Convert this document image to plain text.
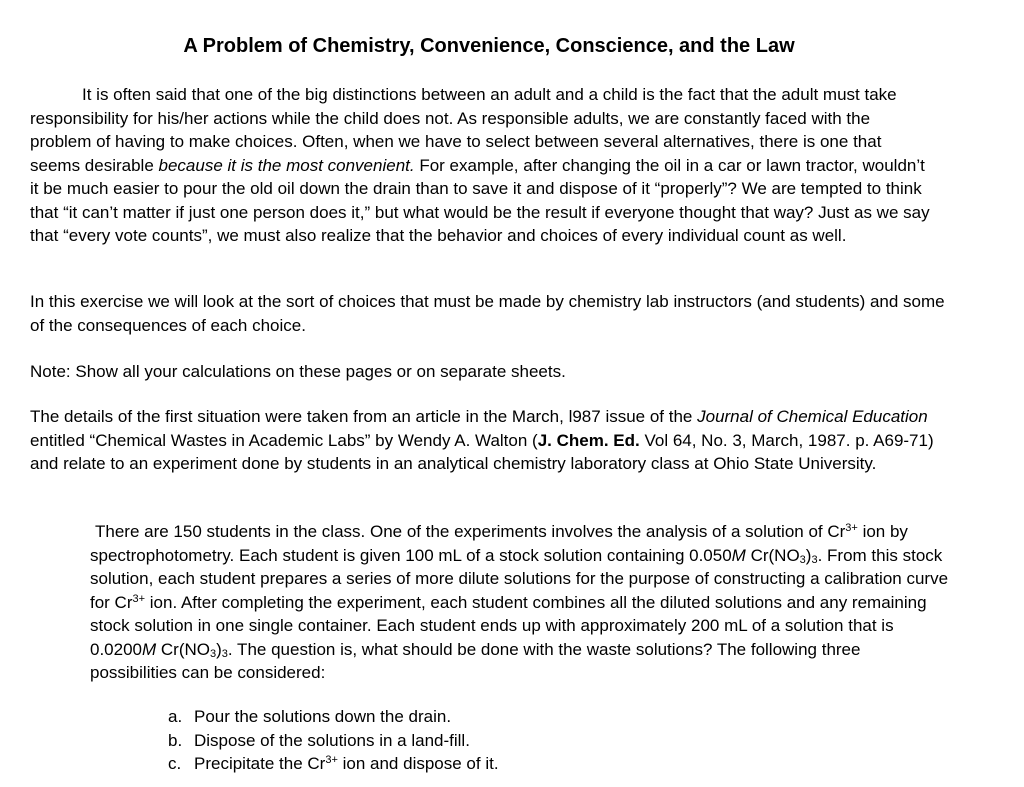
A Problem of Chemistry, Convenience, Conscience, and the Law

It is often said that one of the big distinctions between an adult and a child is the fact that the adult must take responsibility for his/her actions while the child does not. As responsible adults, we are constantly faced with the problem of having to make choices. Often, when we have to select between several alternatives, there is one that seems desirable because it is the most convenient. For example, after changing the oil in a car or lawn tractor, wouldn’t it be much easier to pour the old oil down the drain than to save it and dispose of it “properly”? We are tempted to think that “it can’t matter if just one person does it,” but what would be the result if everyone thought that way? Just as we say that “every vote counts”, we must also realize that the behavior and choices of every individual count as well.

In this exercise we will look at the sort of choices that must be made by chemistry lab instructors (and students) and some of the consequences of each choice.

Note: Show all your calculations on these pages or on separate sheets.

The details of the first situation were taken from an article in the March, l987 issue of the Journal of Chemical Education entitled “Chemical Wastes in Academic Labs” by Wendy A. Walton (J. Chem. Ed. Vol 64, No. 3, March, 1987. p. A69-71) and relate to an experiment done by students in an analytical chemistry laboratory class at Ohio State University.

There are 150 students in the class. One of the experiments involves the analysis of a solution of $Cr^{3+}$ ion by spectrophotometry. Each student is given 100 mL of a stock solution containing 0.050M $Cr(NO_3)_3$. From this stock solution, each student prepares a series of more dilute solutions for the purpose of constructing a calibration curve for $Cr^{3+}$ ion. After completing the experiment, each student combines all the diluted solutions and any remaining stock solution in one single container. Each student ends up with approximately 200 mL of a solution that is 0.0200M $Cr(NO_3)_3$. The question is, what should be done with the waste solutions? The following three possibilities can be considered:

a. Pour the solutions down the drain.
b. Dispose of the solutions in a land-fill.
c. Precipitate the $Cr^{3+}$ ion and dispose of it.
